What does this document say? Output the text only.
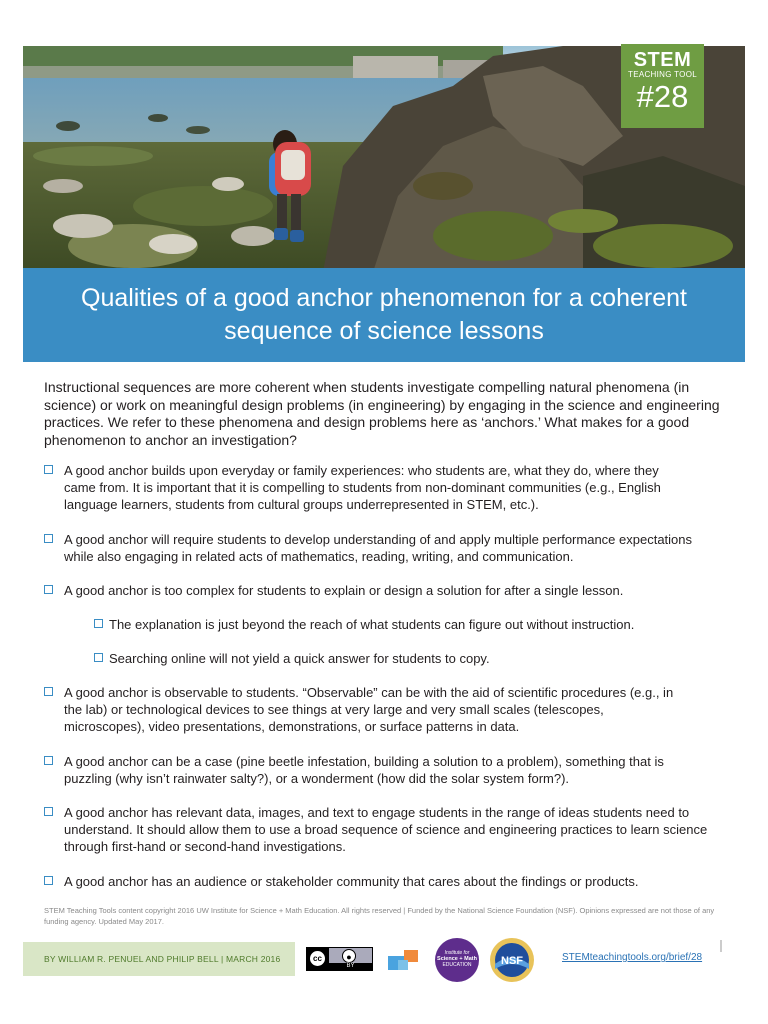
STEM
TEACHING TOOL
#28
Qualities of a good anchor phenomenon for a coherent sequence of science lessons

Instructional sequences are more coherent when students investigate compelling natural phenomena (in science) or work on meaningful design problems (in engineering) by engaging in the science and engineering practices. We refer to these phenomena and design problems here as ‘anchors.’ What makes for a good phenomenon to anchor an investigation?

A good anchor builds upon everyday or family experiences: who students are, what they do, where they came from. It is important that it is compelling to students from non-dominant communities (e.g., English language learners, students from cultural groups underrepresented in STEM, etc.).
A good anchor will require students to develop understanding of and apply multiple performance expectations while also engaging in related acts of mathematics, reading, writing, and communication.
A good anchor is too complex for students to explain or design a solution for after a single lesson.
The explanation is just beyond the reach of what students can figure out without instruction.
Searching online will not yield a quick answer for students to copy.
A good anchor is observable to students. “Observable” can be with the aid of scientific procedures (e.g., in the lab) or technological devices to see things at very large and very small scales (telescopes, microscopes), video presentations, demonstrations, or surface patterns in data.
A good anchor can be a case (pine beetle infestation, building a solution to a problem), something that is puzzling (why isn’t rainwater salty?), or a wonderment (how did the solar system form?).
A good anchor has relevant data, images, and text to engage students in the range of ideas students need to understand. It should allow them to use a broad sequence of science and engineering practices to learn science through first-hand or second-hand investigations.
A good anchor has an audience or stakeholder community that cares about the findings or products.

STEM Teaching Tools content copyright 2016 UW Institute for Science + Math Education. All rights reserved | Funded by the National Science Foundation (NSF). Opinions expressed are not those of any funding agency. Updated May 2017.

BY WILLIAM R. PENUEL AND PHILIP BELL | MARCH 2016	cc	●
BY
Institute for
Science + Math
EDUCATION	NSF	STEMteachingtools.org/brief/28
